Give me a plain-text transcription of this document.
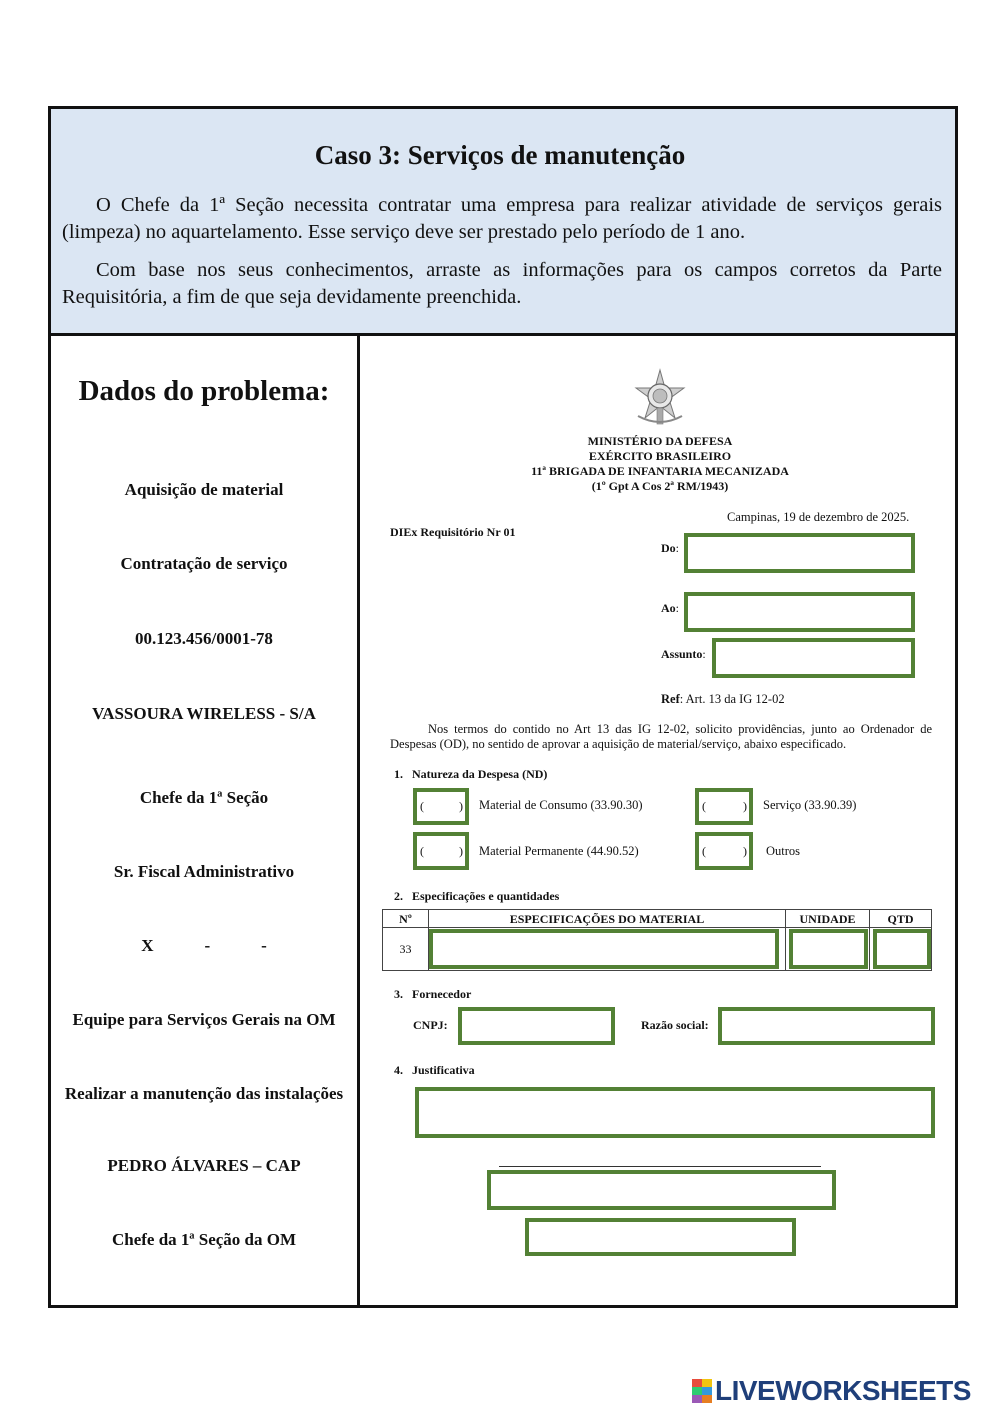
Caso 3: Serviços de manutenção
O Chefe da 1ª Seção necessita contratar uma empresa para realizar atividade de serviços gerais (limpeza) no aquartelamento. Esse serviço deve ser prestado pelo período de 1 ano.
Com base nos seus conhecimentos, arraste as informações para os campos corretos da Parte Requisitória, a fim de que seja devidamente preenchida.
Dados do problema:
Aquisição de material
Contratação de serviço
00.123.456/0001-78
VASSOURA WIRELESS - S/A
Chefe da 1ª Seção
Sr. Fiscal Administrativo
X            -            -
Equipe para Serviços Gerais na OM
Realizar a manutenção das instalações
PEDRO ÁLVARES – CAP
Chefe da 1ª Seção da OM
MINISTÉRIO DA DEFESA
EXÉRCITO BRASILEIRO
11ª BRIGADA DE INFANTARIA MECANIZADA
(1º Gpt A Cos 2ª RM/1943)
Campinas, 19 de dezembro de 2025.
DIEx Requisitório Nr 01
Do:
Ao:
Assunto:
Ref: Art. 13 da IG 12-02
Nos termos do contido no Art 13 das IG 12-02, solicito providências, junto ao Ordenador de Despesas (OD), no sentido de aprovar a aquisição de material/serviço, abaixo especificado.
1.   Natureza da Despesa (ND)
(	) Material de Consumo (33.90.30)	(	) Serviço (33.90.39)
(	) Material Permanente (44.90.52)	(	) Outros
2.   Especificações e quantidades
Nº	ESPECIFICAÇÕES DO MATERIAL	UNIDADE	QTD
33
3.   Fornecedor
CNPJ:	Razão social:
4.   Justificativa
LIVEWORKSHEETS
